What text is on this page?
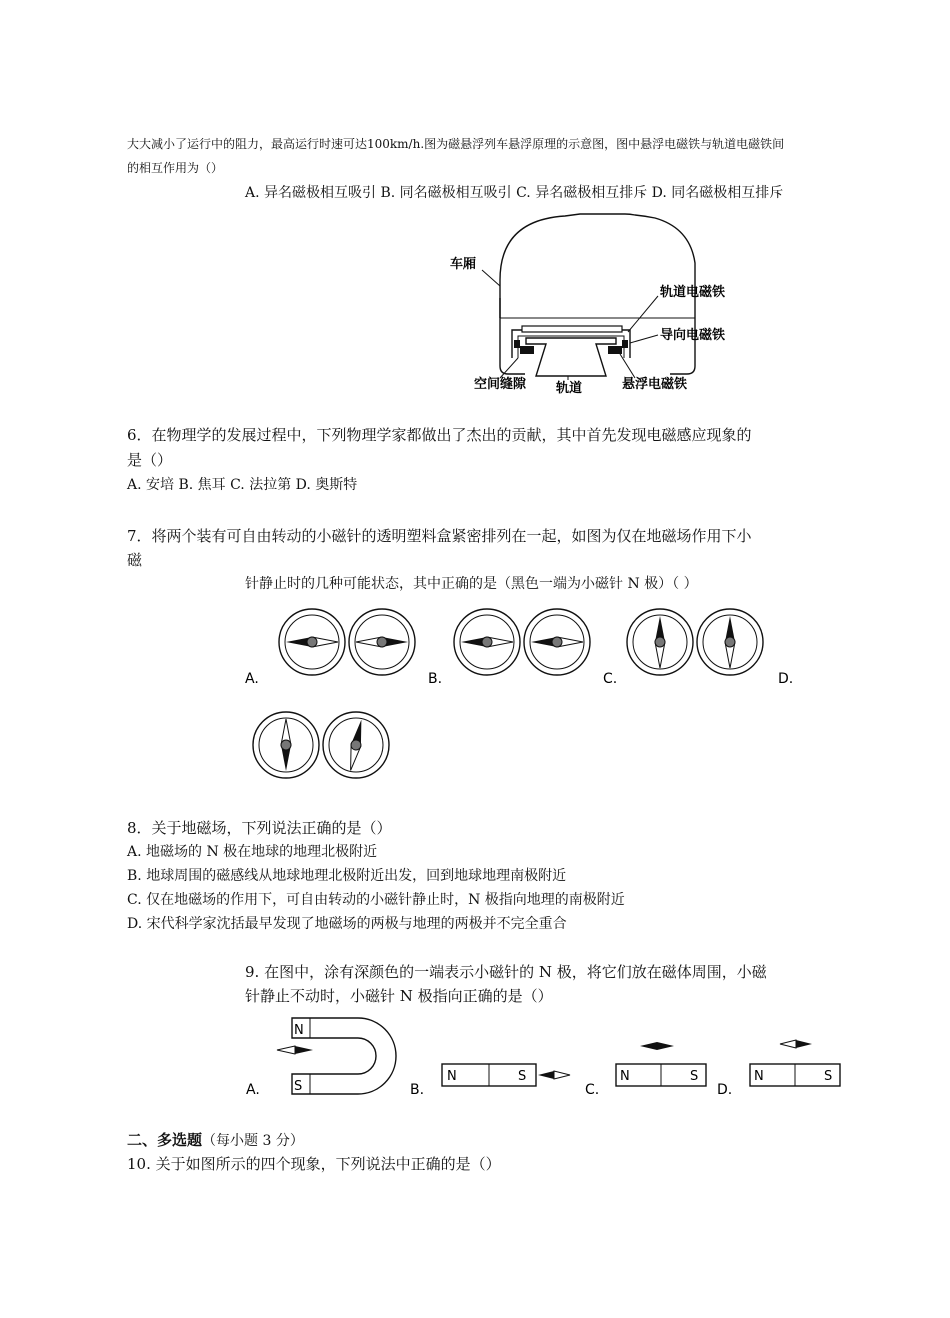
大大减小了运行中的阻力，最高运行时速可达100km/h.图为磁悬浮列车悬浮原理的示意图，图中悬浮电磁铁与轨道电磁铁间
的相互作用为（）
A. 异名磁极相互吸引 B. 同名磁极相互吸引 C. 异名磁极相互排斥 D. 同名磁极相互排斥
车厢
轨道电磁铁
导向电磁铁
空间缝隙 轨道	悬浮电磁铁
6．在物理学的发展过程中，下列物理学家都做出了杰出的贡献，其中首先发现电磁感应现象的
是（）
A. 安培 B. 焦耳 C. 法拉第 D. 奥斯特
7．将两个装有可自由转动的小磁针的透明塑料盒紧密排列在一起，如图为仅在地磁场作用下小
磁
针静止时的几种可能状态，其中正确的是（黑色一端为小磁针 N 极）（ ）
A.	B.	C.	D.
8．关于地磁场，下列说法正确的是（）
A. 地磁场的 N 极在地球的地理北极附近
B. 地球周围的磁感线从地球地理北极附近出发，回到地球地理南极附近
C. 仅在地磁场的作用下，可自由转动的小磁针静止时，N 极指向地理的南极附近
D. 宋代科学家沈括最早发现了地磁场的两极与地理的两极并不完全重合
9. 在图中，涂有深颜色的一端表示小磁针的 N 极，将它们放在磁体周围，小磁
针静止不动时，小磁针 N 极指向正确的是（）
N
S
N	S	N	S	N	S
A.	B.	C.	D.
二、多选题（每小题 3 分）
10. 关于如图所示的四个现象，下列说法中正确的是（）
